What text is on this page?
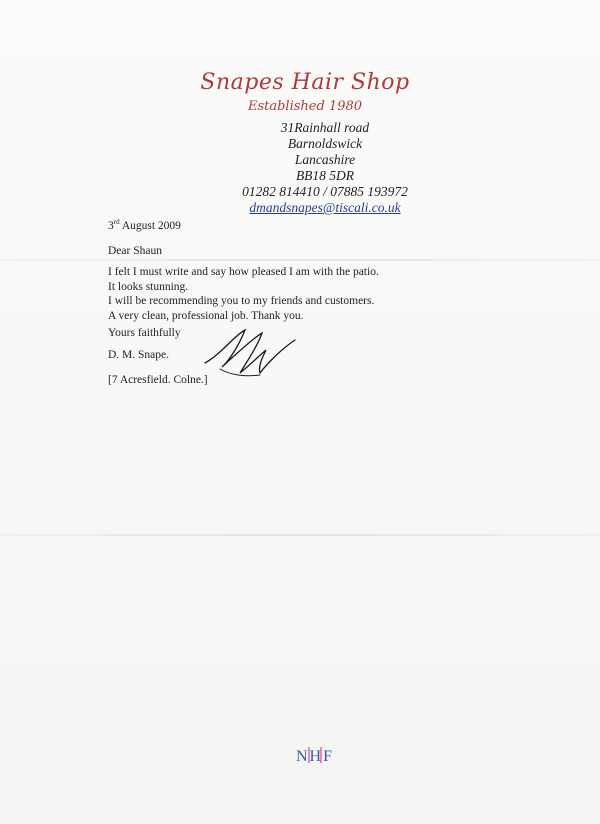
Snapes Hair Shop
Established 1980
31Rainhall road
Barnoldswick
Lancashire
BB18 5DR
01282 814410 / 07885 193972
dmandsnapes@tiscali.co.uk
3rd August 2009
Dear Shaun
I felt I must write and say how pleased I am with the patio.
It looks stunning.
I will be recommending you to my friends and customers.
A very clean, professional job. Thank you.
Yours faithfully
D. M. Snape.
[7 Acresfield. Colne.]
NHF
